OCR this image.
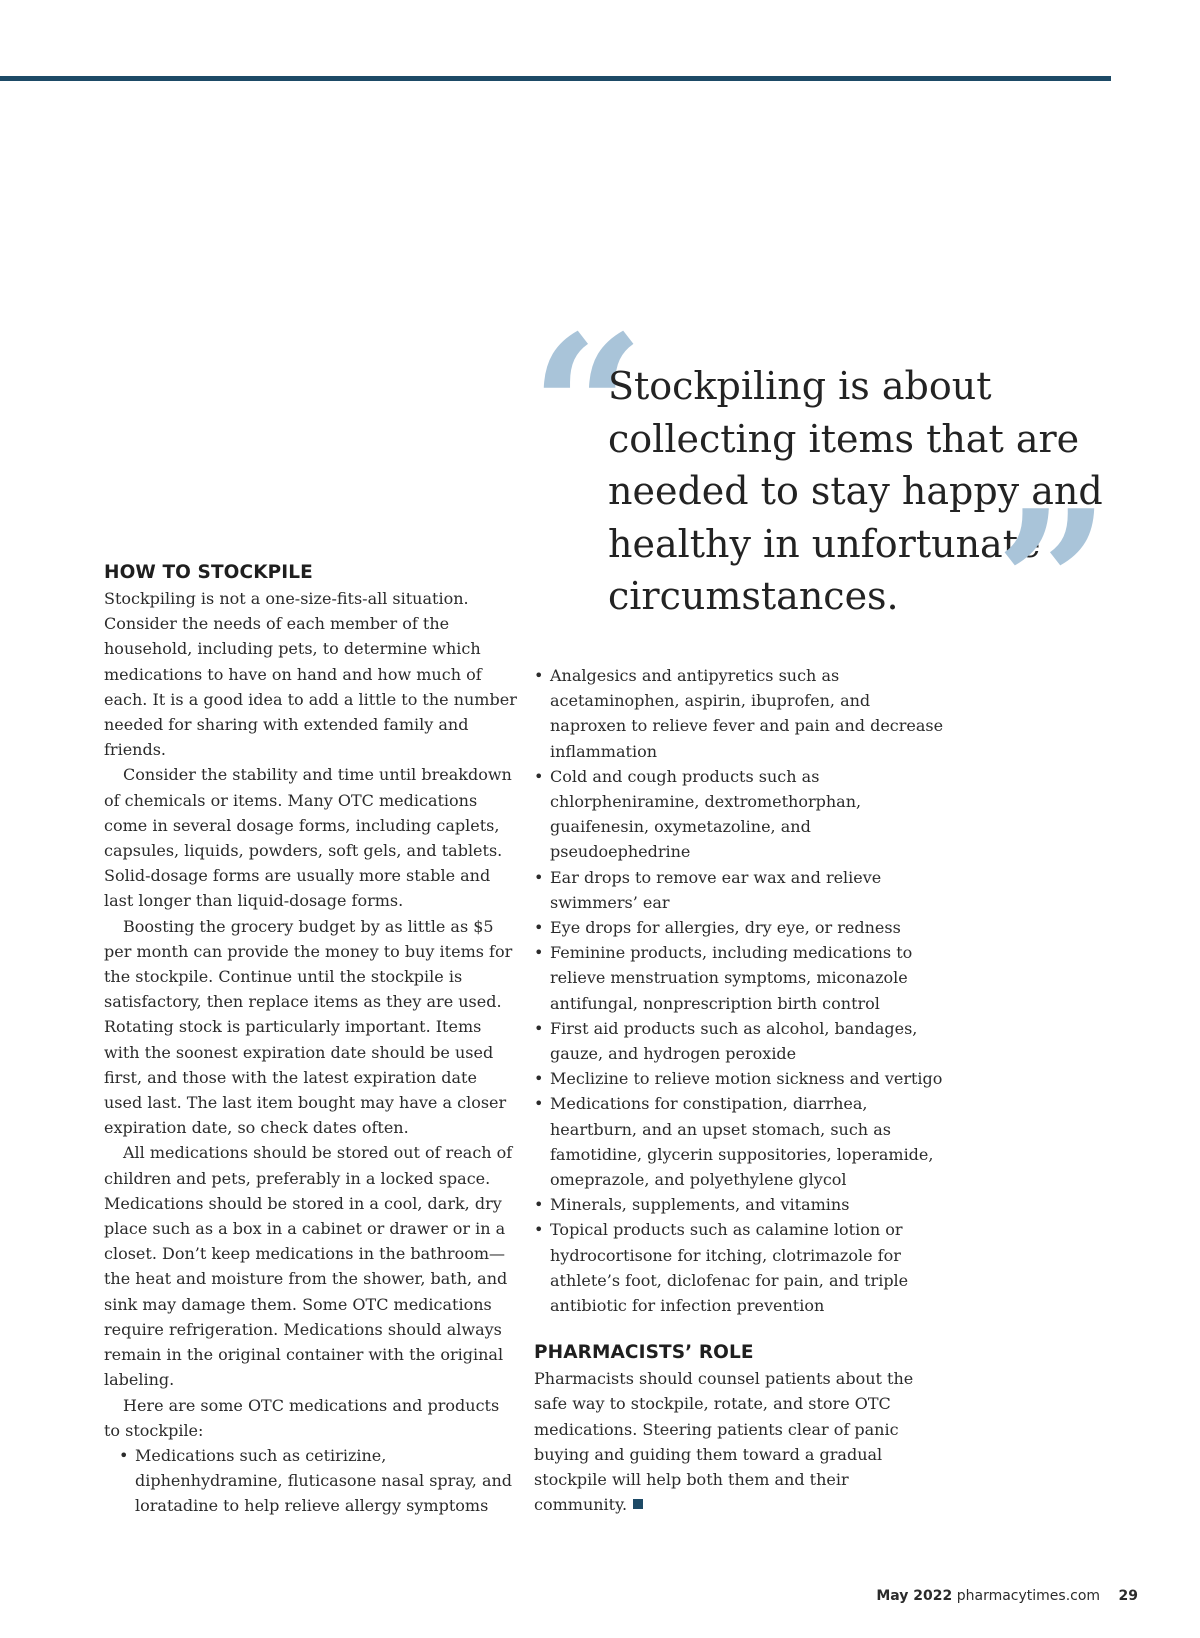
“

Stockpiling is about collecting items that are needed to stay happy and healthy in unfortunate circumstances. ”
HOW TO STOCKPILE

Stockpiling is not a one-size-fits-all situation. Consider the needs of each member of the household, including pets, to determine which medications to have on hand and how much of each. It is a good idea to add a little to the number needed for sharing with extended family and friends.

Consider the stability and time until breakdown of chemicals or items. Many OTC medications come in several dosage forms, including caplets, capsules, liquids, powders, soft gels, and tablets. Solid-dosage forms are usually more stable and last longer than liquid-dosage forms.

Boosting the grocery budget by as little as $5 per month can provide the money to buy items for the stockpile. Continue until the stockpile is satisfactory, then replace items as they are used. Rotating stock is particularly important. Items with the soonest expiration date should be used first, and those with the latest expiration date used last. The last item bought may have a closer expiration date, so check dates often.

All medications should be stored out of reach of children and pets, preferably in a locked space. Medications should be stored in a cool, dark, dry place such as a box in a cabinet or drawer or in a closet. Don’t keep medications in the bathroom—the heat and moisture from the shower, bath, and sink may damage them. Some OTC medications require refrigeration. Medications should always remain in the original container with the original labeling.

Here are some OTC medications and products to stockpile:

• Medications such as cetirizine, diphenhydramine, fluticasone nasal spray, and loratadine to help relieve allergy symptoms
• Analgesics and antipyretics such as acetaminophen, aspirin, ibuprofen, and naproxen to relieve fever and pain and decrease inflammation
• Cold and cough products such as chlorpheniramine, dextromethorphan, guaifenesin, oxymetazoline, and pseudoephedrine
• Ear drops to remove ear wax and relieve swimmers’ ear
• Eye drops for allergies, dry eye, or redness
• Feminine products, including medications to relieve menstruation symptoms, miconazole antifungal, nonprescription birth control
• First aid products such as alcohol, bandages, gauze, and hydrogen peroxide
• Meclizine to relieve motion sickness and vertigo
• Medications for constipation, diarrhea, heartburn, and an upset stomach, such as famotidine, glycerin suppositories, loperamide, omeprazole, and polyethylene glycol
• Minerals, supplements, and vitamins
• Topical products such as calamine lotion or hydrocortisone for itching, clotrimazole for athlete’s foot, diclofenac for pain, and triple antibiotic for infection prevention
PHARMACISTS’ ROLE

Pharmacists should counsel patients about the safe way to stockpile, rotate, and store OTC medications. Steering patients clear of panic buying and guiding them toward a gradual stockpile will help both them and their community.

May 2022 pharmacytimes.com 29
